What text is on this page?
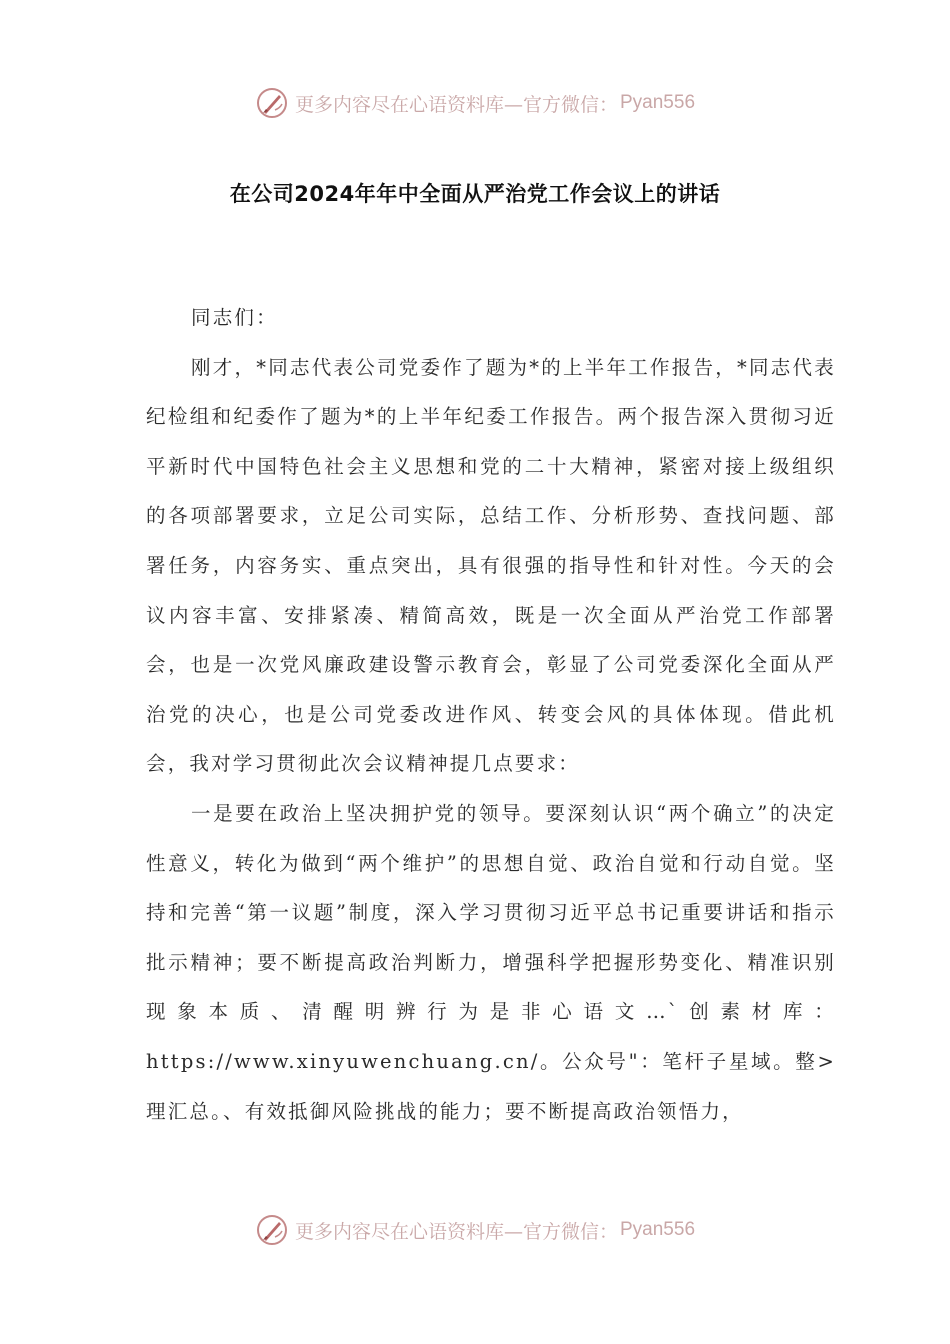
更多内容尽在心语资料库—官方微信： Pyan556
在公司2024年年中全面从严治党工作会议上的讲话

同志们：

刚才，*同志代表公司党委作了题为*的上半年工作报告，*同志代表纪检组和纪委作了题为*的上半年纪委工作报告。两个报告深入贯彻习近平新时代中国特色社会主义思想和党的二十大精神，紧密对接上级组织的各项部署要求，立足公司实际，总结工作、分析形势、查找问题、部署任务，内容务实、重点突出，具有很强的指导性和针对性。今天的会议内容丰富、安排紧凑、精简高效，既是一次全面从严治党工作部署会，也是一次党风廉政建设警示教育会，彰显了公司党委深化全面从严治党的决心，也是公司党委改进作风、转变会风的具体体现。借此机会，我对学习贯彻此次会议精神提几点要求：

一是要在政治上坚决拥护党的领导。要深刻认识“两个确立”的决定性意义，转化为做到“两个维护”的思想自觉、政治自觉和行动自觉。坚持和完善“第一议题”制度，深入学习贯彻习近平总书记重要讲话和指示批示精神；要不断提高政治判断力，增强科学把握形势变化、精准识别现象本质、清醒明辨行为是非心语文…`创素材库：https://www.xinyuwenchuang.cn/。公众号"：笔杆子星域。整>理汇总。、有效抵御风险挑战的能力；要不断提高政治领悟力，

更多内容尽在心语资料库—官方微信： Pyan556
